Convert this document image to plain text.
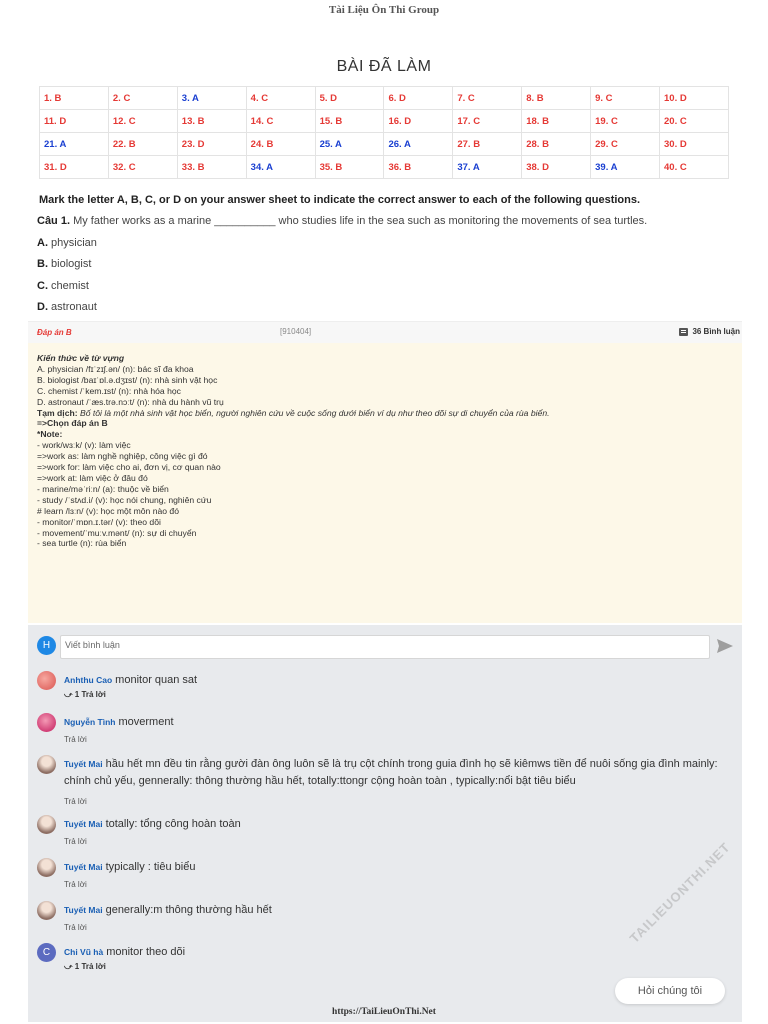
Tài Liệu Ôn Thi Group
BÀI ĐÃ LÀM
1. B	2. C	3. A	4. C	5. D	6. D	7. C	8. B	9. C	10. D
11. D	12. C	13. B	14. C	15. B	16. D	17. C	18. B	19. C	20. C
21. A	22. B	23. D	24. B	25. A	26. A	27. B	28. B	29. C	30. D
31. D	32. C	33. B	34. A	35. B	36. B	37. A	38. D	39. A	40. C
Mark the letter A, B, C, or D on your answer sheet to indicate the correct answer to each of the following questions.
Câu 1. My father works as a marine __________ who studies life in the sea such as monitoring the movements of sea turtles.
A. physician
B. biologist
C. chemist
D. astronaut
Đáp án B	[910404]	36 Bình luận
Kiến thức về từ vựng
A. physician /fɪˈzɪʃ.ən/ (n): bác sĩ đa khoa
B. biologist /baɪˈɒl.ə.dʒɪst/ (n): nhà sinh vật học
C. chemist /ˈkem.ɪst/ (n): nhà hóa học
D. astronaut /ˈæs.trə.nɔːt/ (n): nhà du hành vũ trụ
Tạm dịch: Bố tôi là một nhà sinh vật học biển, người nghiên cứu về cuộc sống dưới biển ví dụ như theo dõi sự di chuyển của rùa biển.
=>Chọn đáp án B
*Note:
- work/wɜːk/ (v): làm việc
=>work as: làm nghề nghiệp, công việc gì đó
=>work for: làm việc cho ai, đơn vị, cơ quan nào
=>work at: làm việc ở đâu đó
- marine/məˈriːn/ (a): thuộc về biển
- study /ˈstʌd.i/ (v): học nói chung, nghiên cứu
# learn /lɜːn/ (v): học một môn nào đó
- monitor/ˈmɒn.ɪ.tər/ (v): theo dõi
- movement/ˈmuːv.mənt/ (n): sự di chuyển
- sea turtle (n): rùa biển
H	Viết bình luận
Anhthu Cao monitor quan sat
⤻ 1 Trả lời
Nguyễn Tình moverment
Trả lời
Tuyết Mai hầu hết mn đều tin rằng gười đàn ông luôn sẽ là trụ cột chính trong guia đình họ sẽ kiêmws tiền để nuôi sống gia đình mainly: chính chủ yếu, gennerally: thông thường hầu hết, totally:ttongr cộng hoàn toàn , typically:nổi bật tiêu biểu
Trả lời
Tuyết Mai totally: tổng công hoàn toàn
Trả lời
Tuyết Mai typically : tiêu biểu
Trả lời
Tuyết Mai generally:m thông thường hầu hết
Trả lời
C	Chi Vũ hà monitor theo dõi
⤻ 1 Trả lời
TAILIEUONTHI.NET
Hỏi chúng tôi
https://TaiLieuOnThi.Net
